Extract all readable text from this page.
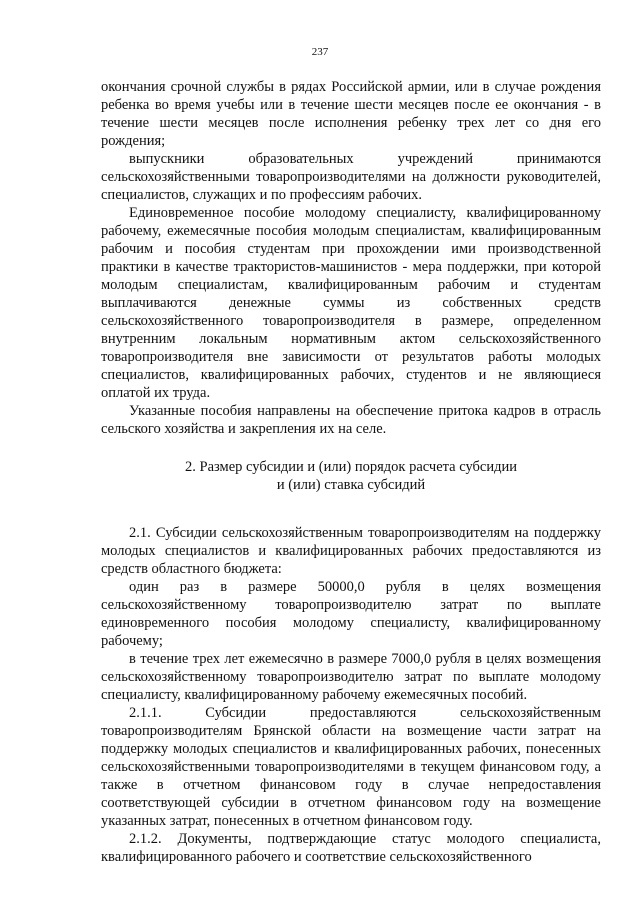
237

окончания срочной службы в рядах Российской армии, или в случае рождения ребенка во время учебы или в течение шести месяцев после ее окончания - в течение шести месяцев после исполнения ребенку трех лет со дня его рождения;

выпускники образовательных учреждений принимаются сельскохозяйственными товаропроизводителями на должности руководителей, специалистов, служащих и по профессиям рабочих.

Единовременное пособие молодому специалисту, квалифицированному рабочему, ежемесячные пособия молодым специалистам, квалифицированным рабочим и пособия студентам при прохождении ими производственной практики в качестве трактористов-машинистов - мера поддержки, при которой молодым специалистам, квалифицированным рабочим и студентам выплачиваются денежные суммы из собственных средств сельскохозяйственного товаропроизводителя в размере, определенном внутренним локальным нормативным актом сельскохозяйственного товаропроизводителя вне зависимости от результатов работы молодых специалистов, квалифицированных рабочих, студентов и не являющиеся оплатой их труда.

Указанные пособия направлены на обеспечение притока кадров в отрасль сельского хозяйства и закрепления их на селе.

2. Размер субсидии и (или) порядок расчета субсидии
и (или) ставка субсидий

2.1. Субсидии сельскохозяйственным товаропроизводителям на поддержку молодых специалистов и квалифицированных рабочих предоставляются из средств областного бюджета:

один раз в размере 50000,0 рубля в целях возмещения сельскохозяйственному товаропроизводителю затрат по выплате единовременного пособия молодому специалисту, квалифицированному рабочему;

в течение трех лет ежемесячно в размере 7000,0 рубля в целях возмещения сельскохозяйственному товаропроизводителю затрат по выплате молодому специалисту, квалифицированному рабочему ежемесячных пособий.

2.1.1. Субсидии предоставляются сельскохозяйственным товаропроизводителям Брянской области на возмещение части затрат на поддержку молодых специалистов и квалифицированных рабочих, понесенных сельскохозяйственными товаропроизводителями в текущем финансовом году, а также в отчетном финансовом году в случае непредоставления соответствующей субсидии в отчетном финансовом году на возмещение указанных затрат, понесенных в отчетном финансовом году.

2.1.2. Документы, подтверждающие статус молодого специалиста, квалифицированного рабочего и соответствие сельскохозяйственного
